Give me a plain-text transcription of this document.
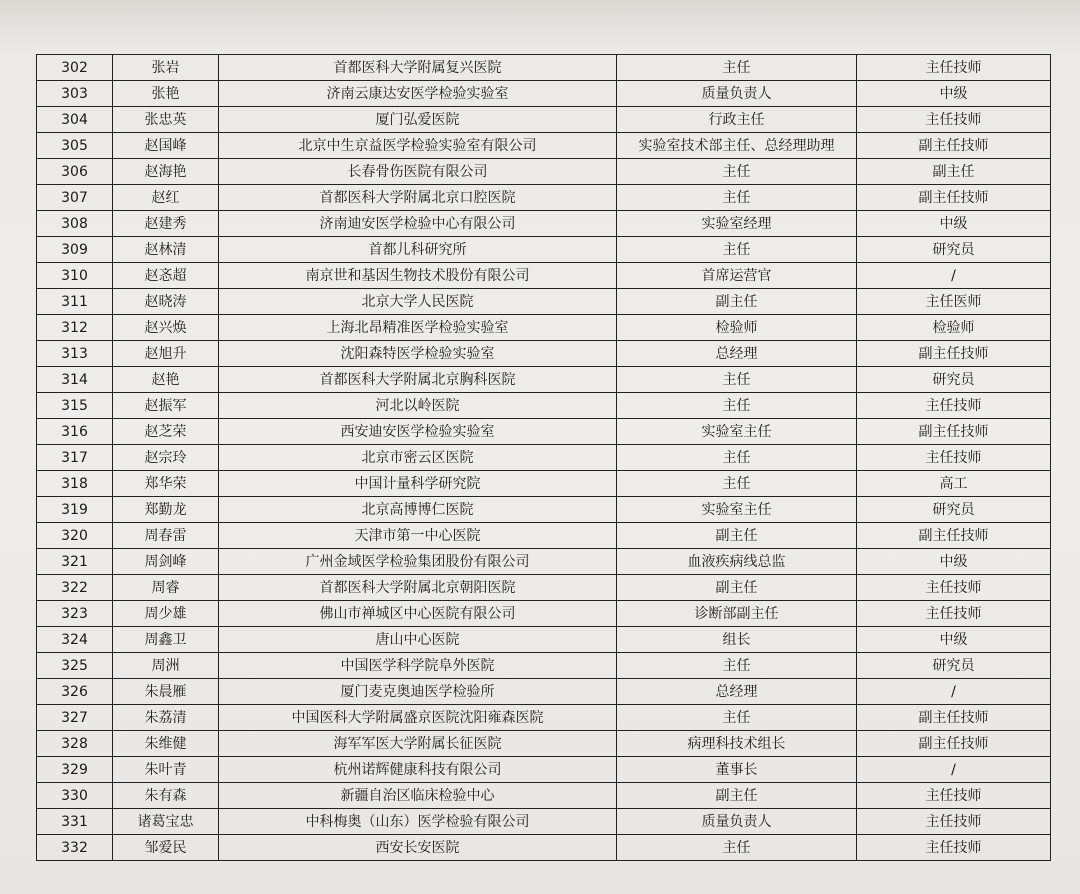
302	张岩	首都医科大学附属复兴医院	主任	主任技师
303	张艳	济南云康达安医学检验实验室	质量负责人	中级
304	张忠英	厦门弘爱医院	行政主任	主任技师
305	赵国峰	北京中生京益医学检验实验室有限公司	实验室技术部主任、总经理助理	副主任技师
306	赵海艳	长春骨伤医院有限公司	主任	副主任
307	赵红	首都医科大学附属北京口腔医院	主任	副主任技师
308	赵建秀	济南迪安医学检验中心有限公司	实验室经理	中级
309	赵林清	首都儿科研究所	主任	研究员
310	赵忞超	南京世和基因生物技术股份有限公司	首席运营官	/
311	赵晓涛	北京大学人民医院	副主任	主任医师
312	赵兴焕	上海北昂精准医学检验实验室	检验师	检验师
313	赵旭升	沈阳森特医学检验实验室	总经理	副主任技师
314	赵艳	首都医科大学附属北京胸科医院	主任	研究员
315	赵振军	河北以岭医院	主任	主任技师
316	赵芝荣	西安迪安医学检验实验室	实验室主任	副主任技师
317	赵宗玲	北京市密云区医院	主任	主任技师
318	郑华荣	中国计量科学研究院	主任	高工
319	郑勤龙	北京高博博仁医院	实验室主任	研究员
320	周春雷	天津市第一中心医院	副主任	副主任技师
321	周剑峰	广州金域医学检验集团股份有限公司	血液疾病线总监	中级
322	周睿	首都医科大学附属北京朝阳医院	副主任	主任技师
323	周少雄	佛山市禅城区中心医院有限公司	诊断部副主任	主任技师
324	周鑫卫	唐山中心医院	组长	中级
325	周洲	中国医学科学院阜外医院	主任	研究员
326	朱晨雁	厦门麦克奥迪医学检验所	总经理	/
327	朱荔清	中国医科大学附属盛京医院沈阳雍森医院	主任	副主任技师
328	朱维健	海军军医大学附属长征医院	病理科技术组长	副主任技师
329	朱叶青	杭州诺辉健康科技有限公司	董事长	/
330	朱有森	新疆自治区临床检验中心	副主任	主任技师
331	诸葛宝忠	中科梅奥（山东）医学检验有限公司	质量负责人	主任技师
332	邹爱民	西安长安医院	主任	主任技师
